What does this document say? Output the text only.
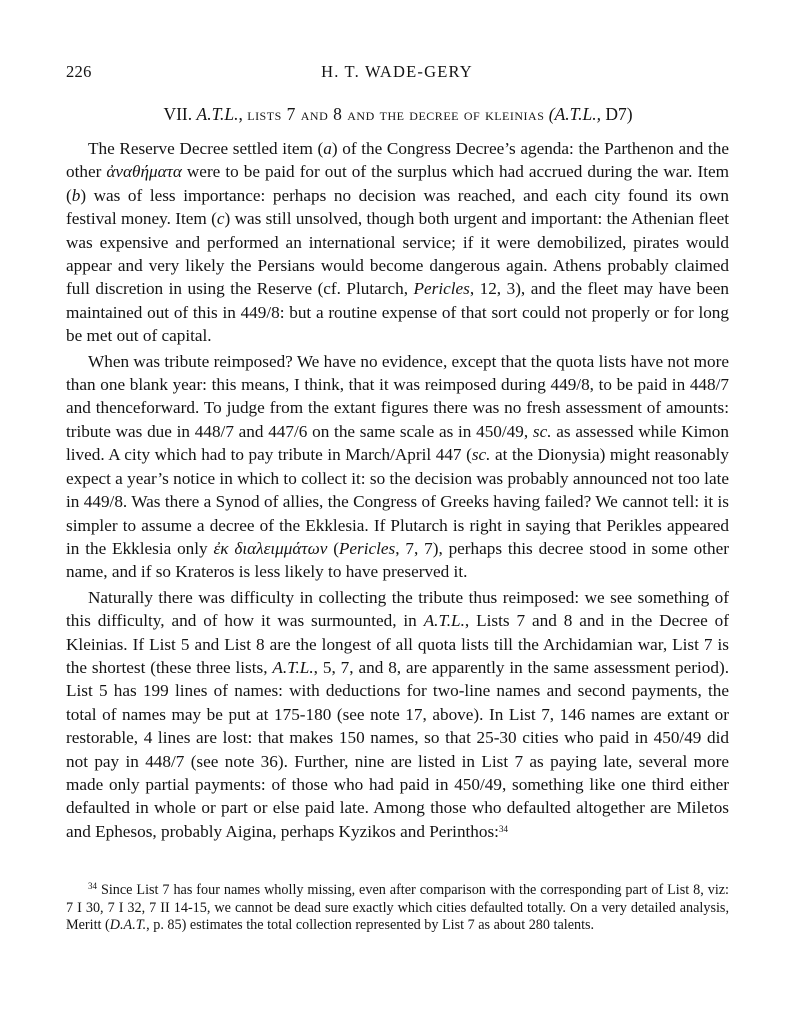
226	H. T. WADE-GERY
VII. A.T.L., lists 7 and 8 and the decree of kleinias (A.T.L., D7)

The Reserve Decree settled item (a) of the Congress Decree’s agenda: the Parthenon and the other ἀναθήματα were to be paid for out of the surplus which had accrued during the war. Item (b) was of less importance: perhaps no decision was reached, and each city found its own festival money. Item (c) was still unsolved, though both urgent and important: the Athenian fleet was expensive and performed an international service; if it were demobilized, pirates would appear and very likely the Persians would become dangerous again. Athens probably claimed full discretion in using the Reserve (cf. Plutarch, Pericles, 12, 3), and the fleet may have been maintained out of this in 449/8: but a routine expense of that sort could not properly or for long be met out of capital.

When was tribute reimposed? We have no evidence, except that the quota lists have not more than one blank year: this means, I think, that it was reimposed during 449/8, to be paid in 448/7 and thenceforward. To judge from the extant figures there was no fresh assessment of amounts: tribute was due in 448/7 and 447/6 on the same scale as in 450/49, sc. as assessed while Kimon lived. A city which had to pay tribute in March/April 447 (sc. at the Dionysia) might reasonably expect a year’s notice in which to collect it: so the decision was probably announced not too late in 449/8. Was there a Synod of allies, the Congress of Greeks having failed? We cannot tell: it is simpler to assume a decree of the Ekklesia. If Plutarch is right in saying that Perikles appeared in the Ekklesia only ἐκ διαλειμμάτων (Pericles, 7, 7), perhaps this decree stood in some other name, and if so Krateros is less likely to have preserved it.

Naturally there was difficulty in collecting the tribute thus reimposed: we see something of this difficulty, and of how it was surmounted, in A.T.L., Lists 7 and 8 and in the Decree of Kleinias. If List 5 and List 8 are the longest of all quota lists till the Archidamian war, List 7 is the shortest (these three lists, A.T.L., 5, 7, and 8, are apparently in the same assessment period). List 5 has 199 lines of names: with deductions for two-line names and second payments, the total of names may be put at 175-180 (see note 17, above). In List 7, 146 names are extant or restorable, 4 lines are lost: that makes 150 names, so that 25-30 cities who paid in 450/49 did not pay in 448/7 (see note 36). Further, nine are listed in List 7 as paying late, several more made only partial payments: of those who had paid in 450/49, something like one third either defaulted in whole or part or else paid late. Among those who defaulted altogether are Miletos and Ephesos, probably Aigina, perhaps Kyzikos and Perinthos:$^{34}$

$^{34}$ Since List 7 has four names wholly missing, even after comparison with the corresponding part of List 8, viz: 7 I 30, 7 I 32, 7 II 14-15, we cannot be dead sure exactly which cities defaulted totally. On a very detailed analysis, Meritt (D.A.T., p. 85) estimates the total collection represented by List 7 as about 280 talents.
